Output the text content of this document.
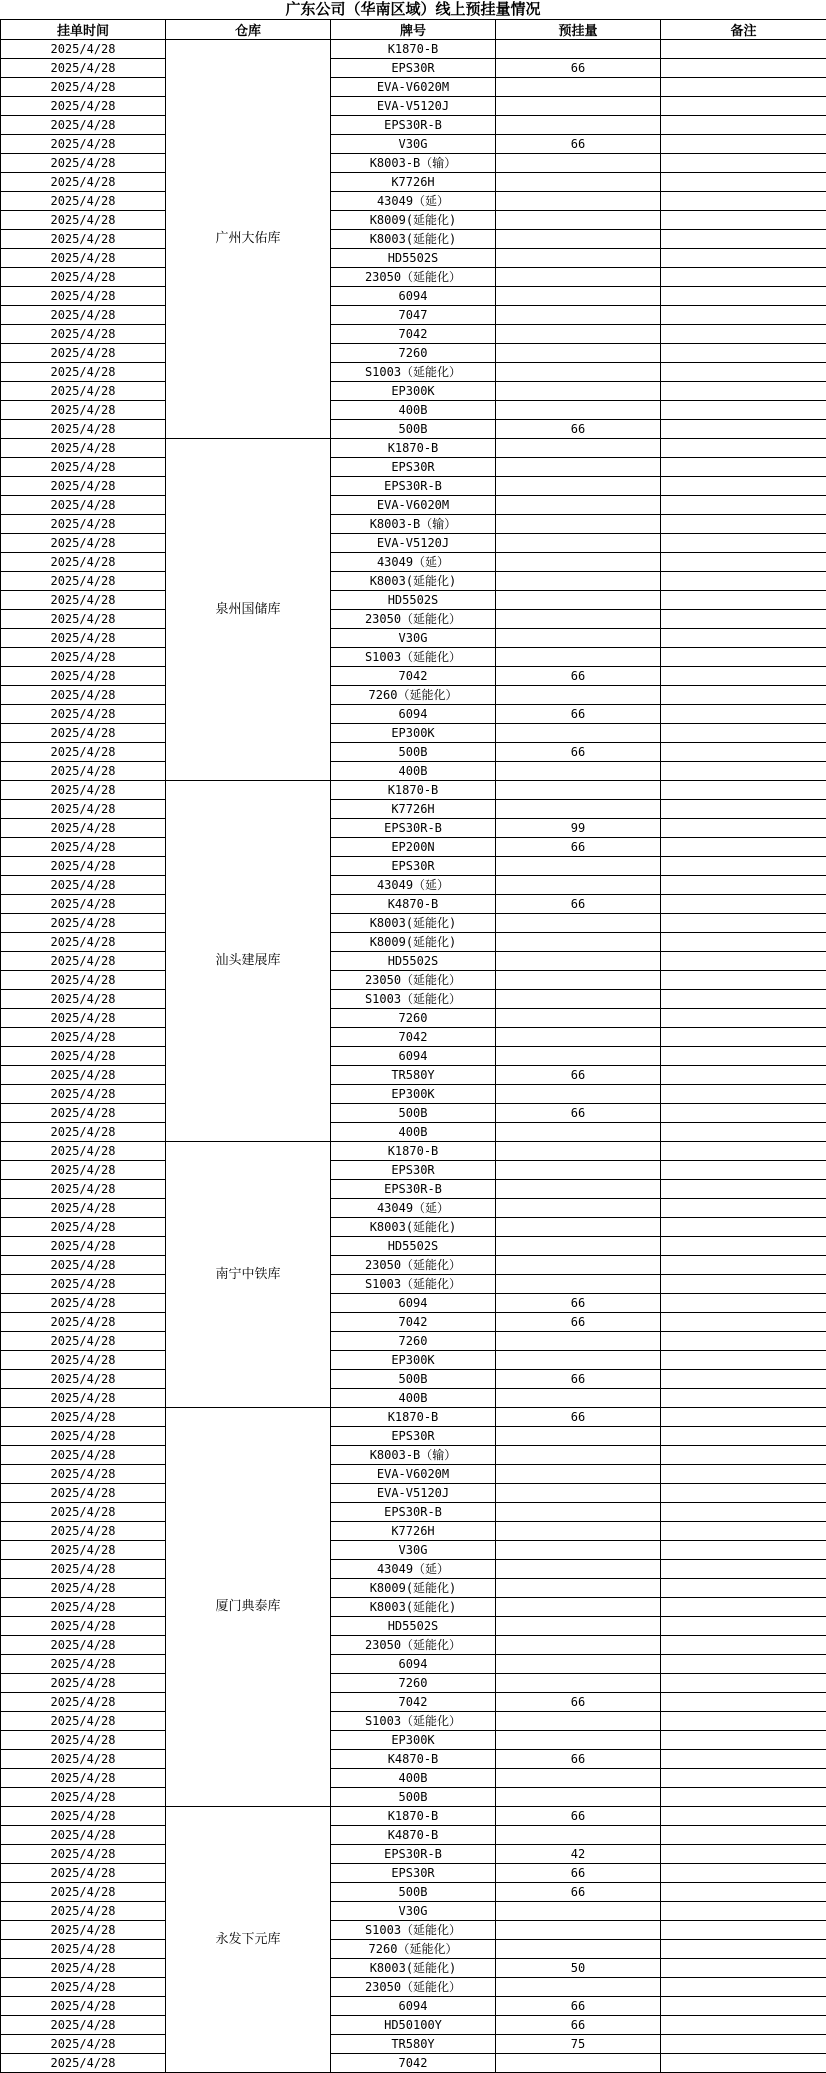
广东公司（华南区域）线上预挂量情况
挂单时间	仓库	牌号	预挂量	备注
2025/4/28	广州大佑库	K1870-B		
2025/4/28		EPS30R	66	
2025/4/28		EVA-V6020M		
2025/4/28		EVA-V5120J		
2025/4/28		EPS30R-B		
2025/4/28		V30G	66	
2025/4/28		K8003-B（输）		
2025/4/28		K7726H		
2025/4/28		43049（延）		
2025/4/28		K8009(延能化)		
2025/4/28		K8003(延能化)		
2025/4/28		HD5502S		
2025/4/28		23050（延能化）		
2025/4/28		6094		
2025/4/28		7047		
2025/4/28		7042		
2025/4/28		7260		
2025/4/28		S1003（延能化）		
2025/4/28		EP300K		
2025/4/28		400B		
2025/4/28		500B	66	
2025/4/28	泉州国储库	K1870-B		
2025/4/28		EPS30R		
2025/4/28		EPS30R-B		
2025/4/28		EVA-V6020M		
2025/4/28		K8003-B（输）		
2025/4/28		EVA-V5120J		
2025/4/28		43049（延）		
2025/4/28		K8003(延能化)		
2025/4/28		HD5502S		
2025/4/28		23050（延能化）		
2025/4/28		V30G		
2025/4/28		S1003（延能化）		
2025/4/28		7042	66	
2025/4/28		7260（延能化）		
2025/4/28		6094	66	
2025/4/28		EP300K		
2025/4/28		500B	66	
2025/4/28		400B		
2025/4/28	汕头建展库	K1870-B		
2025/4/28		K7726H		
2025/4/28		EPS30R-B	99	
2025/4/28		EP200N	66	
2025/4/28		EPS30R		
2025/4/28		43049（延）		
2025/4/28		K4870-B	66	
2025/4/28		K8003(延能化)		
2025/4/28		K8009(延能化)		
2025/4/28		HD5502S		
2025/4/28		23050（延能化）		
2025/4/28		S1003（延能化）		
2025/4/28		7260		
2025/4/28		7042		
2025/4/28		6094		
2025/4/28		TR580Y	66	
2025/4/28		EP300K		
2025/4/28		500B	66	
2025/4/28		400B		
2025/4/28	南宁中铁库	K1870-B		
2025/4/28		EPS30R		
2025/4/28		EPS30R-B		
2025/4/28		43049（延）		
2025/4/28		K8003(延能化)		
2025/4/28		HD5502S		
2025/4/28		23050（延能化）		
2025/4/28		S1003（延能化）		
2025/4/28		6094	66	
2025/4/28		7042	66	
2025/4/28		7260		
2025/4/28		EP300K		
2025/4/28		500B	66	
2025/4/28		400B		
2025/4/28	厦门典泰库	K1870-B	66	
2025/4/28		EPS30R		
2025/4/28		K8003-B（输）		
2025/4/28		EVA-V6020M		
2025/4/28		EVA-V5120J		
2025/4/28		EPS30R-B		
2025/4/28		K7726H		
2025/4/28		V30G		
2025/4/28		43049（延）		
2025/4/28		K8009(延能化)		
2025/4/28		K8003(延能化)		
2025/4/28		HD5502S		
2025/4/28		23050（延能化）		
2025/4/28		6094		
2025/4/28		7260		
2025/4/28		7042	66	
2025/4/28		S1003（延能化）		
2025/4/28		EP300K		
2025/4/28		K4870-B	66	
2025/4/28		400B		
2025/4/28		500B		
2025/4/28	永发下元库	K1870-B	66	
2025/4/28		K4870-B		
2025/4/28		EPS30R-B	42	
2025/4/28		EPS30R	66	
2025/4/28		500B	66	
2025/4/28		V30G		
2025/4/28		S1003（延能化）		
2025/4/28		7260（延能化）		
2025/4/28		K8003(延能化)	50	
2025/4/28		23050（延能化）		
2025/4/28		6094	66	
2025/4/28		HD50100Y	66	
2025/4/28		TR580Y	75	
2025/4/28		7042		
